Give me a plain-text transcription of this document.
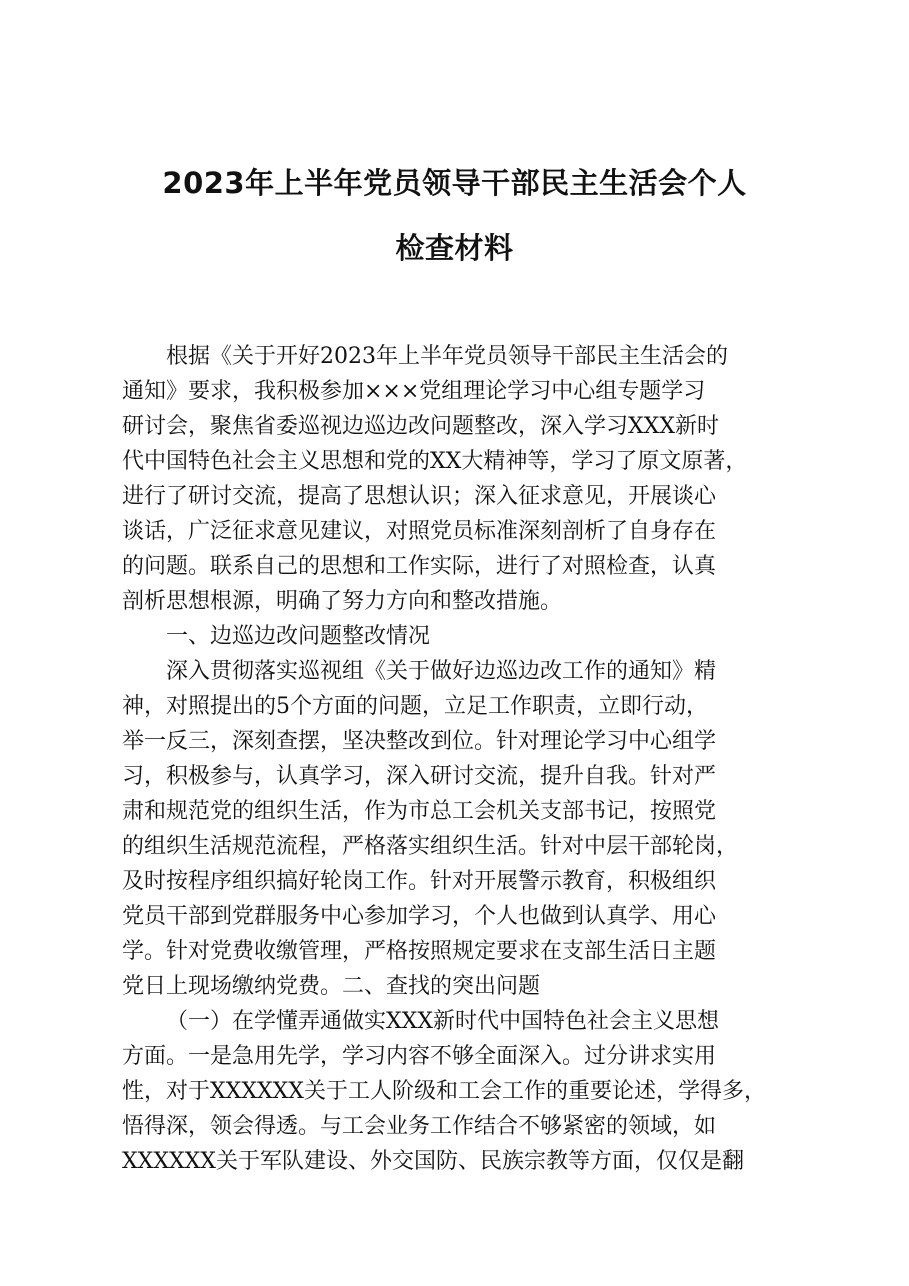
2023年上半年党员领导干部民主生活会个人
检查材料

根据《关于开好2023年上半年党员领导干部民主生活会的

通知》要求，我积极参加×××党组理论学习中心组专题学习

研讨会，聚焦省委巡视边巡边改问题整改，深入学习XXX新时

代中国特色社会主义思想和党的XX大精神等，学习了原文原著，

进行了研讨交流，提高了思想认识；深入征求意见，开展谈心

谈话，广泛征求意见建议，对照党员标准深刻剖析了自身存在

的问题。联系自己的思想和工作实际，进行了对照检查，认真

剖析思想根源，明确了努力方向和整改措施。

一、边巡边改问题整改情况

深入贯彻落实巡视组《关于做好边巡边改工作的通知》精

神，对照提出的5个方面的问题，立足工作职责，立即行动，

举一反三，深刻查摆，坚决整改到位。针对理论学习中心组学

习，积极参与，认真学习，深入研讨交流，提升自我。针对严

肃和规范党的组织生活，作为市总工会机关支部书记，按照党

的组织生活规范流程，严格落实组织生活。针对中层干部轮岗，

及时按程序组织搞好轮岗工作。针对开展警示教育，积极组织

党员干部到党群服务中心参加学习，个人也做到认真学、用心

学。针对党费收缴管理，严格按照规定要求在支部生活日主题

党日上现场缴纳党费。二、查找的突出问题

（一）在学懂弄通做实XXX新时代中国特色社会主义思想

方面。一是急用先学，学习内容不够全面深入。过分讲求实用

性，对于XXXXXX关于工人阶级和工会工作的重要论述，学得多，

悟得深，领会得透。与工会业务工作结合不够紧密的领域，如

XXXXXX关于军队建设、外交国防、民族宗教等方面，仅仅是翻
